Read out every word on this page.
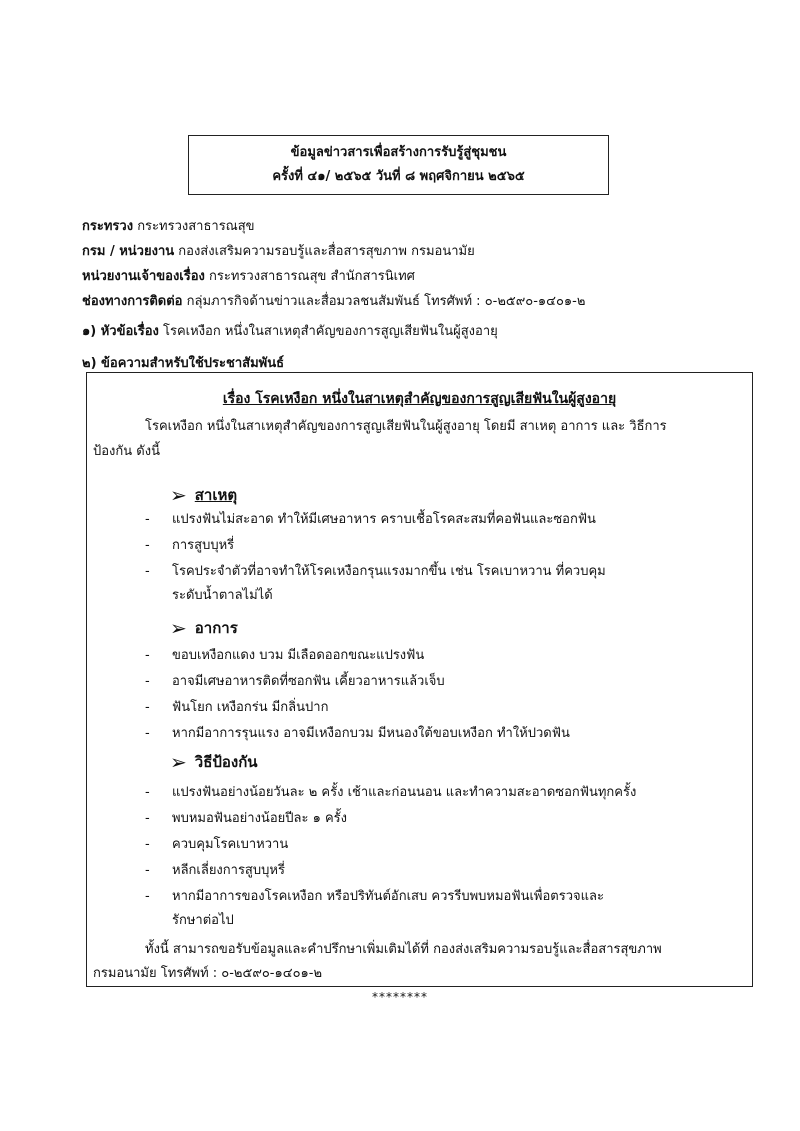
ข้อมูลข่าวสารเพื่อสร้างการรับรู้สู่ชุมชน
ครั้งที่ ๔๑/ ๒๕๖๕ วันที่ ๘ พฤศจิกายน ๒๕๖๕
กระทรวง กระทรวงสาธารณสุข
กรม / หน่วยงาน กองส่งเสริมความรอบรู้และสื่อสารสุขภาพ กรมอนามัย
หน่วยงานเจ้าของเรื่อง กระทรวงสาธารณสุข สำนักสารนิเทศ
ช่องทางการติดต่อ กลุ่มภารกิจด้านข่าวและสื่อมวลชนสัมพันธ์ โทรศัพท์ : ๐-๒๕๙๐-๑๔๐๑-๒
๑) หัวข้อเรื่อง โรคเหงือก หนึ่งในสาเหตุสำคัญของการสูญเสียฟันในผู้สูงอายุ
๒) ข้อความสำหรับใช้ประชาสัมพันธ์
เรื่อง โรคเหงือก หนึ่งในสาเหตุสำคัญของการสูญเสียฟันในผู้สูงอายุ
โรคเหงือก หนึ่งในสาเหตุสำคัญของการสูญเสียฟันในผู้สูงอายุ โดยมี สาเหตุ อาการ และ วิธีการ
ป้องกัน ดังนี้
➢ สาเหตุ
- แปรงฟันไม่สะอาด ทำให้มีเศษอาหาร คราบเชื้อโรคสะสมที่คอฟันและซอกฟัน
- การสูบบุหรี่
- โรคประจำตัวที่อาจทำให้โรคเหงือกรุนแรงมากขึ้น เช่น โรคเบาหวาน ที่ควบคุม
ระดับน้ำตาลไม่ได้
➢ อาการ
- ขอบเหงือกแดง บวม มีเลือดออกขณะแปรงฟัน
- อาจมีเศษอาหารติดที่ซอกฟัน เคี้ยวอาหารแล้วเจ็บ
- ฟันโยก เหงือกร่น มีกลิ่นปาก
- หากมีอาการรุนแรง อาจมีเหงือกบวม มีหนองใต้ขอบเหงือก ทำให้ปวดฟัน
➢ วิธีป้องกัน
- แปรงฟันอย่างน้อยวันละ ๒ ครั้ง เช้าและก่อนนอน และทำความสะอาดซอกฟันทุกครั้ง
- พบหมอฟันอย่างน้อยปีละ ๑ ครั้ง
- ควบคุมโรคเบาหวาน
- หลีกเลี่ยงการสูบบุหรี่
- หากมีอาการของโรคเหงือก หรือปริทันต์อักเสบ ควรรีบพบหมอฟันเพื่อตรวจและ
รักษาต่อไป
ทั้งนี้ สามารถขอรับข้อมูลและคำปรึกษาเพิ่มเติมได้ที่ กองส่งเสริมความรอบรู้และสื่อสารสุขภาพ
กรมอนามัย โทรศัพท์ : ๐-๒๕๙๐-๑๔๐๑-๒
********
